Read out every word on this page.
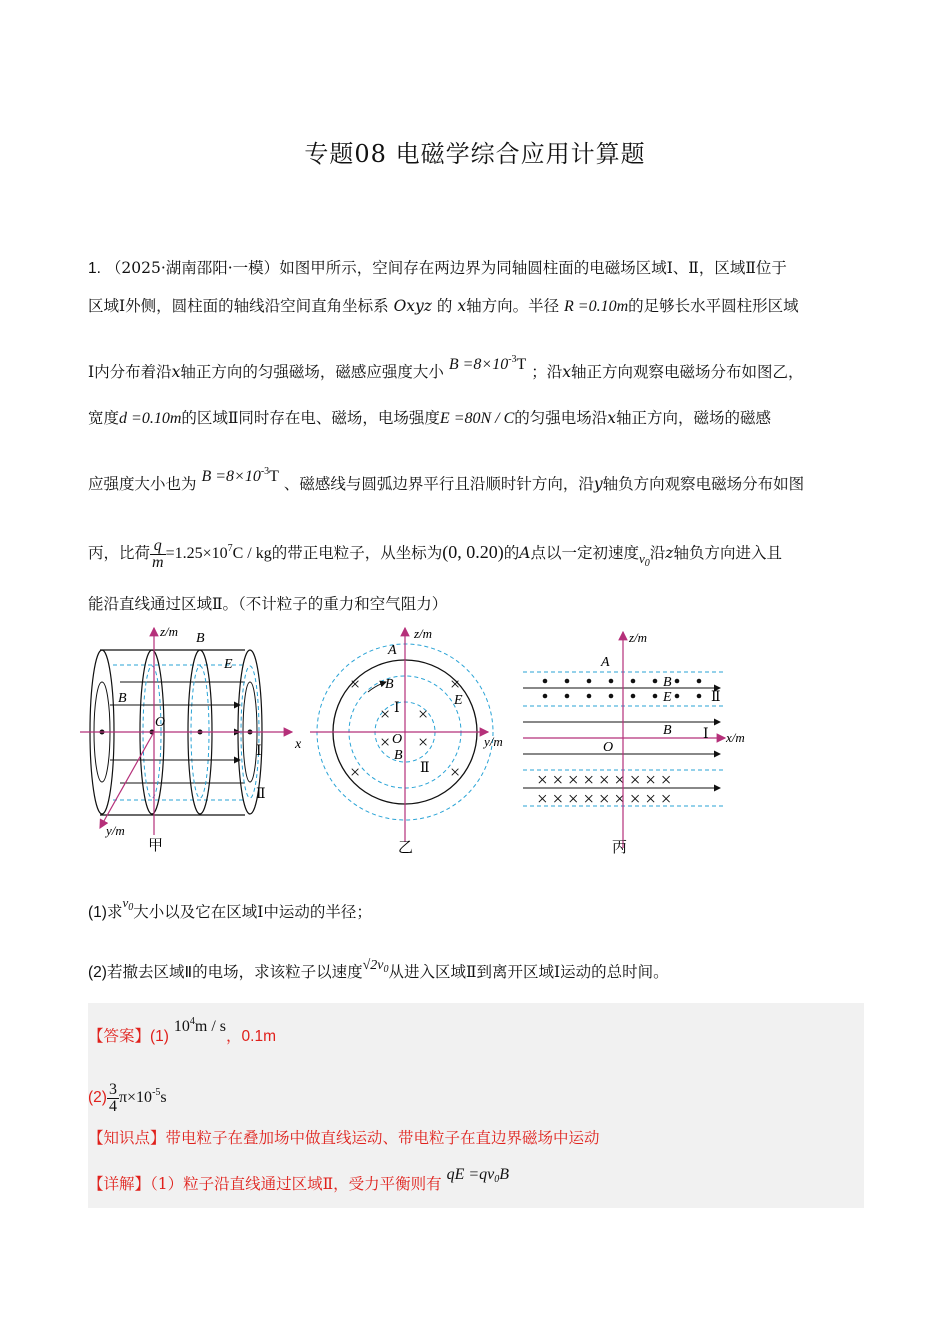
专题08 电磁学综合应用计算题
1. （2025·湖南邵阳·一模）如图甲所示，空间存在两边界为同轴圆柱面的电磁场区域Ⅰ、Ⅱ，区域Ⅱ位于
区域Ⅰ外侧，圆柱面的轴线沿空间直角坐标系 Oxyz 的 x轴方向。半径 R =0.10m的足够长水平圆柱形区域
Ⅰ内分布着沿x轴正方向的匀强磁场，磁感应强度大小 $B =8\times 10^{-3}T$ ；沿x轴正方向观察电磁场分布如图乙，
宽度d =0.10m的区域Ⅱ同时存在电、磁场，电场强度E =80N / C的匀强电场沿x轴正方向，磁场的磁感
应强度大小也为 $B =8\times 10^{-3}T$ 、磁感线与圆弧边界平行且沿顺时针方向，沿y轴负方向观察电磁场分布如图
丙，比荷 $\frac{q}{m} =1.25\times 10^7C$ / kg的带正电粒子，从坐标为(0, 0.20)的A点以一定初速度$_{v_0}$沿z轴负方向进入且
能沿直线通过区域Ⅱ。（不计粒子的重力和空气阻力）
z/m
x
y/m
B
E
B
O
Ⅰ
Ⅱ
甲
×	×
×	×
× ×
× ×
z/m
y/m
A
B
E
Ⅰ
O
B
Ⅱ
乙
× × × × × × × × ×
× × × × × × × × ×
z/m
x/m
A
B
E	Ⅱ
B Ⅰ
O
丙
(1)求$^{v_0}$大小以及它在区域Ⅰ中运动的半径；
(2)若撤去区域Ⅱ的电场，求该粒子以速度$√2v_0$从进入区域Ⅱ到离开区域Ⅰ运动的总时间。
【答案】(1) $10^4m$ / s，0.1m
$(2) \frac{3}{4} \pi\times 10^{-5}s$
【知识点】带电粒子在叠加场中做直线运动、带电粒子在直边界磁场中运动
【详解】（1）粒子沿直线通过区域Ⅱ，受力平衡则有 qE $=qv_0B$
